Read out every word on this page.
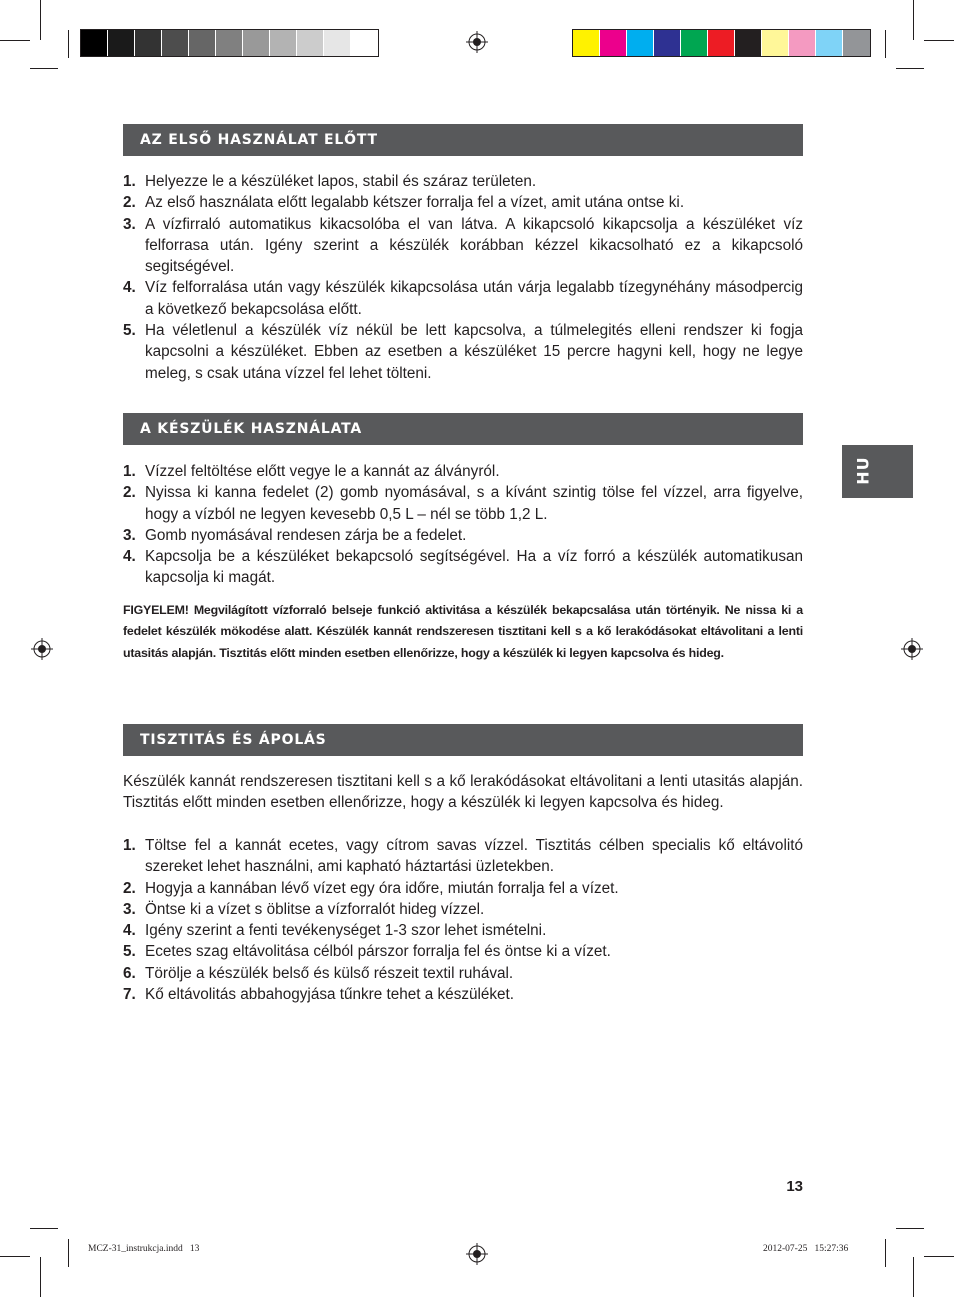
AZ ELSŐ HASZNÁLAT ELŐTT
1. Helyezze le a készüléket lapos, stabil és száraz területen.
2. Az első használata előtt legalabb kétszer forralja fel a vízet, amit utána ontse ki.
3. A vízfirraló automatikus kikacsolóba el van látva. A kikapcsoló kikapcsolja a készüléket víz felforrasa után. Igény szerint a készülék korábban kézzel kikacsolható ez a kikapcsoló segitségével.
4. Víz felforralása után vagy készülék kikapcsolása után várja legalabb tízegynéhány másodpercig a következő bekapcsolása előtt.
5. Ha véletlenul a készülék víz nékül be lett kapcsolva, a túlmelegités elleni rendszer ki fogja kapcsolni a készüléket. Ebben az esetben a készüléket 15 percre hagyni kell, hogy ne legye meleg, s csak utána vízzel fel lehet tölteni.
A KÉSZÜLÉK HASZNÁLATA
1. Vízzel feltöltése előtt vegye le a kannát az álványról.
2. Nyissa ki kanna fedelet (2) gomb nyomásával, s a kívánt szintig tölse fel vízzel, arra figyelve, hogy a vízból ne legyen kevesebb 0,5 L – nél se több 1,2 L.
3. Gomb nyomásával rendesen zárja be a fedelet.
4. Kapcsolja be a készüléket bekapcsoló segítségével. Ha a víz forró a készülék automatikusan kapcsolja ki magát.

FIGYELEM! Megvilágított vízforraló belseje funkció aktivitása a készülék bekapcsalása után történyik. Ne nissa ki a fedelet készülék mökodése alatt. Készülék kannát rendszeresen tisztitani kell s a kő lerakódásokat eltávolitani a lenti utasitás alapján. Tisztitás előtt minden esetben ellenőrizze, hogy a készülék ki legyen kapcsolva és hideg.

TISZTITÁS ÉS ÁPOLÁS

Készülék kannát rendszeresen tisztitani kell s a kő lerakódásokat eltávolitani a lenti utasitás alapján. Tisztitás előtt minden esetben ellenőrizze, hogy a készülék ki legyen kapcsolva és hideg.

1. Töltse fel a kannát ecetes, vagy cítrom savas vízzel. Tisztitás célben specialis kő eltávolitó szereket lehet használni, ami kapható háztartási üzletekben.
2. Hogyja a kannában lévő vízet egy óra időre, miután forralja fel a vízet.
3. Öntse ki a vízet s öblitse a vízforralót hideg vízzel.
4. Igény szerint a fenti tevékenységet 1-3 szor lehet ismételni.
5. Ecetes szag eltávolitása célból párszor forralja fel és öntse ki a vízet.
6. Törölje a készülék belső és külső részeit textil ruhával.
7. Kő eltávolitás abbahogyjása tűnkre tehet a készüléket.
HU
13
MCZ-31_instrukcja.indd   13	2012-07-25   15:27:36
